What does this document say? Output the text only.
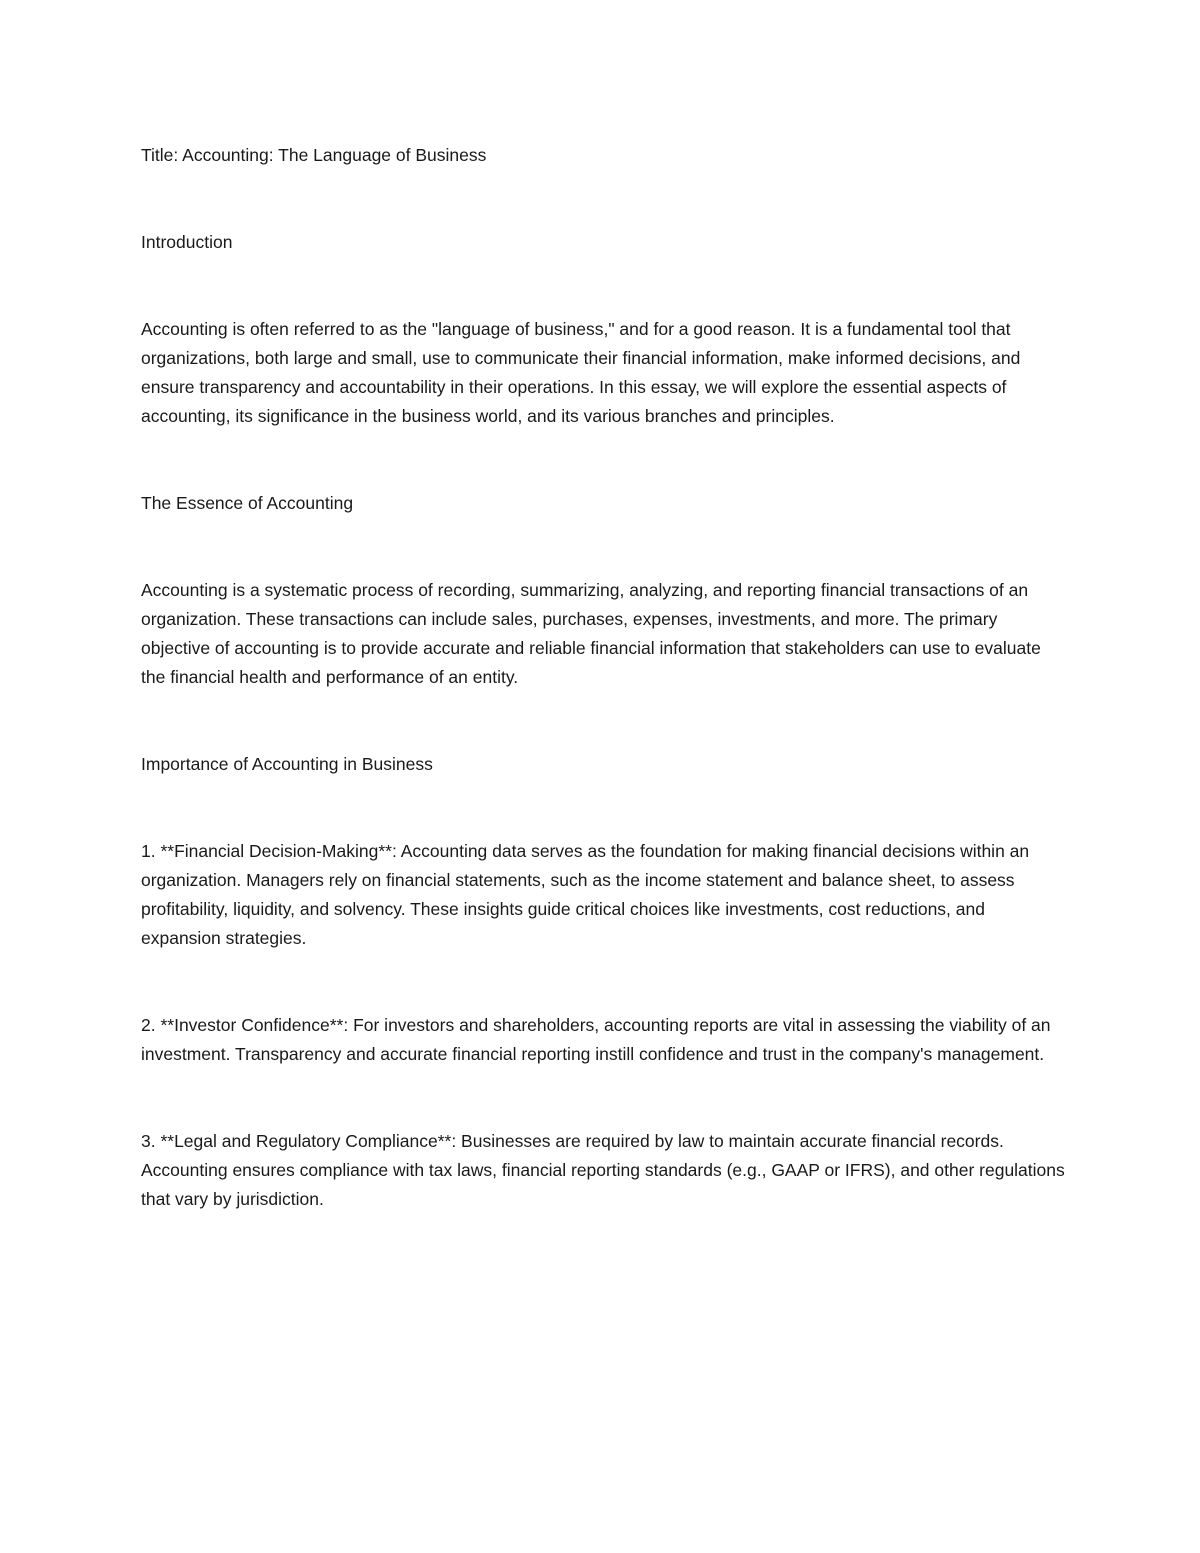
Title: Accounting: The Language of Business

Introduction

Accounting is often referred to as the "language of business," and for a good reason. It is a fundamental tool that organizations, both large and small, use to communicate their financial information, make informed decisions, and ensure transparency and accountability in their operations. In this essay, we will explore the essential aspects of accounting, its significance in the business world, and its various branches and principles.

The Essence of Accounting

Accounting is a systematic process of recording, summarizing, analyzing, and reporting financial transactions of an organization. These transactions can include sales, purchases, expenses, investments, and more. The primary objective of accounting is to provide accurate and reliable financial information that stakeholders can use to evaluate the financial health and performance of an entity.

Importance of Accounting in Business

1. **Financial Decision-Making**: Accounting data serves as the foundation for making financial decisions within an organization. Managers rely on financial statements, such as the income statement and balance sheet, to assess profitability, liquidity, and solvency. These insights guide critical choices like investments, cost reductions, and expansion strategies.

2. **Investor Confidence**: For investors and shareholders, accounting reports are vital in assessing the viability of an investment. Transparency and accurate financial reporting instill confidence and trust in the company's management.

3. **Legal and Regulatory Compliance**: Businesses are required by law to maintain accurate financial records. Accounting ensures compliance with tax laws, financial reporting standards (e.g., GAAP or IFRS), and other regulations that vary by jurisdiction.
